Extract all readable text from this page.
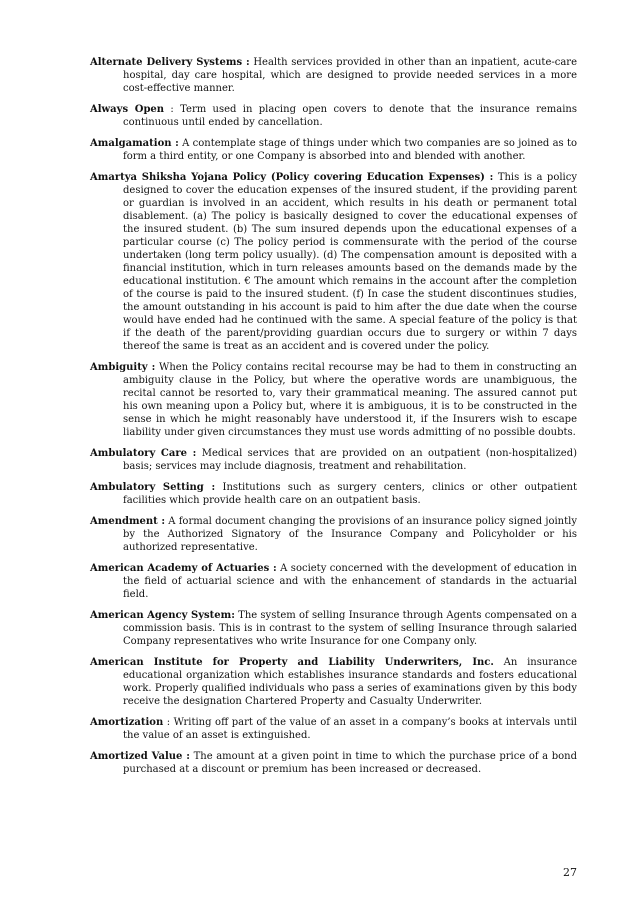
Alternate Delivery Systems : Health services provided in other than an inpatient, acute-care hospital, day care hospital, which are designed to provide needed services in a more cost-effective manner.

Always Open : Term used in placing open covers to denote that the insurance remains continuous until ended by cancellation.

Amalgamation : A contemplate stage of things under which two companies are so joined as to form a third entity, or one Company is absorbed into and blended with another.

Amartya Shiksha Yojana Policy (Policy covering Education Expenses) : This is a policy designed to cover the education expenses of the insured student, if the providing parent or guardian is involved in an accident, which results in his death or permanent total disablement. (a) The policy is basically designed to cover the educational expenses of the insured student. (b) The sum insured depends upon the educational expenses of a particular course (c) The policy period is commensurate with the period of the course undertaken (long term policy usually). (d) The compensation amount is deposited with a financial institution, which in turn releases amounts based on the demands made by the educational institution. € The amount which remains in the account after the completion of the course is paid to the insured student. (f) In case the student discontinues studies, the amount outstanding in his account is paid to him after the due date when the course would have ended had he continued with the same. A special feature of the policy is that if the death of the parent/providing guardian occurs due to surgery or within 7 days thereof the same is treat as an accident and is covered under the policy.

Ambiguity : When the Policy contains recital recourse may be had to them in constructing an ambiguity clause in the Policy, but where the operative words are unambiguous, the recital cannot be resorted to, vary their grammatical meaning. The assured cannot put his own meaning upon a Policy but, where it is ambiguous, it is to be constructed in the sense in which he might reasonably have understood it, if the Insurers wish to escape liability under given circumstances they must use words admitting of no possible doubts.

Ambulatory Care : Medical services that are provided on an outpatient (non-hospitalized) basis; services may include diagnosis, treatment and rehabilitation.

Ambulatory Setting : Institutions such as surgery centers, clinics or other outpatient facilities which provide health care on an outpatient basis.

Amendment : A formal document changing the provisions of an insurance policy signed jointly by the Authorized Signatory of the Insurance Company and Policyholder or his authorized representative.

American Academy of Actuaries : A society concerned with the development of education in the field of actuarial science and with the enhancement of standards in the actuarial field.

American Agency System: The system of selling Insurance through Agents compensated on a commission basis. This is in contrast to the system of selling Insurance through salaried Company representatives who write Insurance for one Company only.

American Institute for Property and Liability Underwriters, Inc. An insurance educational organization which establishes insurance standards and fosters educational work. Properly qualified individuals who pass a series of examinations given by this body receive the designation Chartered Property and Casualty Underwriter.

Amortization : Writing off part of the value of an asset in a company’s books at intervals until the value of an asset is extinguished.

Amortized Value : The amount at a given point in time to which the purchase price of a bond purchased at a discount or premium has been increased or decreased.

27
